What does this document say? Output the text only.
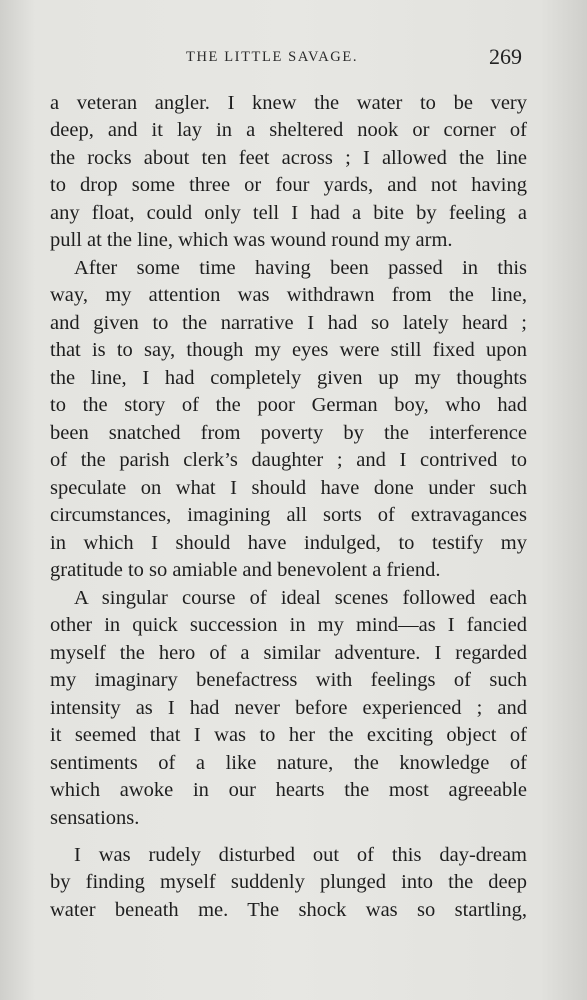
THE LITTLE SAVAGE.	269
a veteran angler. I knew the water to be very
deep, and it lay in a sheltered nook or corner of
the rocks about ten feet across ; I allowed the line
to drop some three or four yards, and not having
any float, could only tell I had a bite by feeling a
pull at the line, which was wound round my arm.
After some time having been passed in this
way, my attention was withdrawn from the line,
and given to the narrative I had so lately heard ;
that is to say, though my eyes were still fixed upon
the line, I had completely given up my thoughts
to the story of the poor German boy, who had
been snatched from poverty by the interference
of the parish clerk’s daughter ; and I contrived to
speculate on what I should have done under such
circumstances, imagining all sorts of extravagances
in which I should have indulged, to testify my
gratitude to so amiable and benevolent a friend.
A singular course of ideal scenes followed each
other in quick succession in my mind—as I fancied
myself the hero of a similar adventure. I regarded
my imaginary benefactress with feelings of such
intensity as I had never before experienced ; and
it seemed that I was to her the exciting object of
sentiments of a like nature, the knowledge of
which awoke in our hearts the most agreeable
sensations.
I was rudely disturbed out of this day-dream
by finding myself suddenly plunged into the deep
water beneath me. The shock was so startling,
